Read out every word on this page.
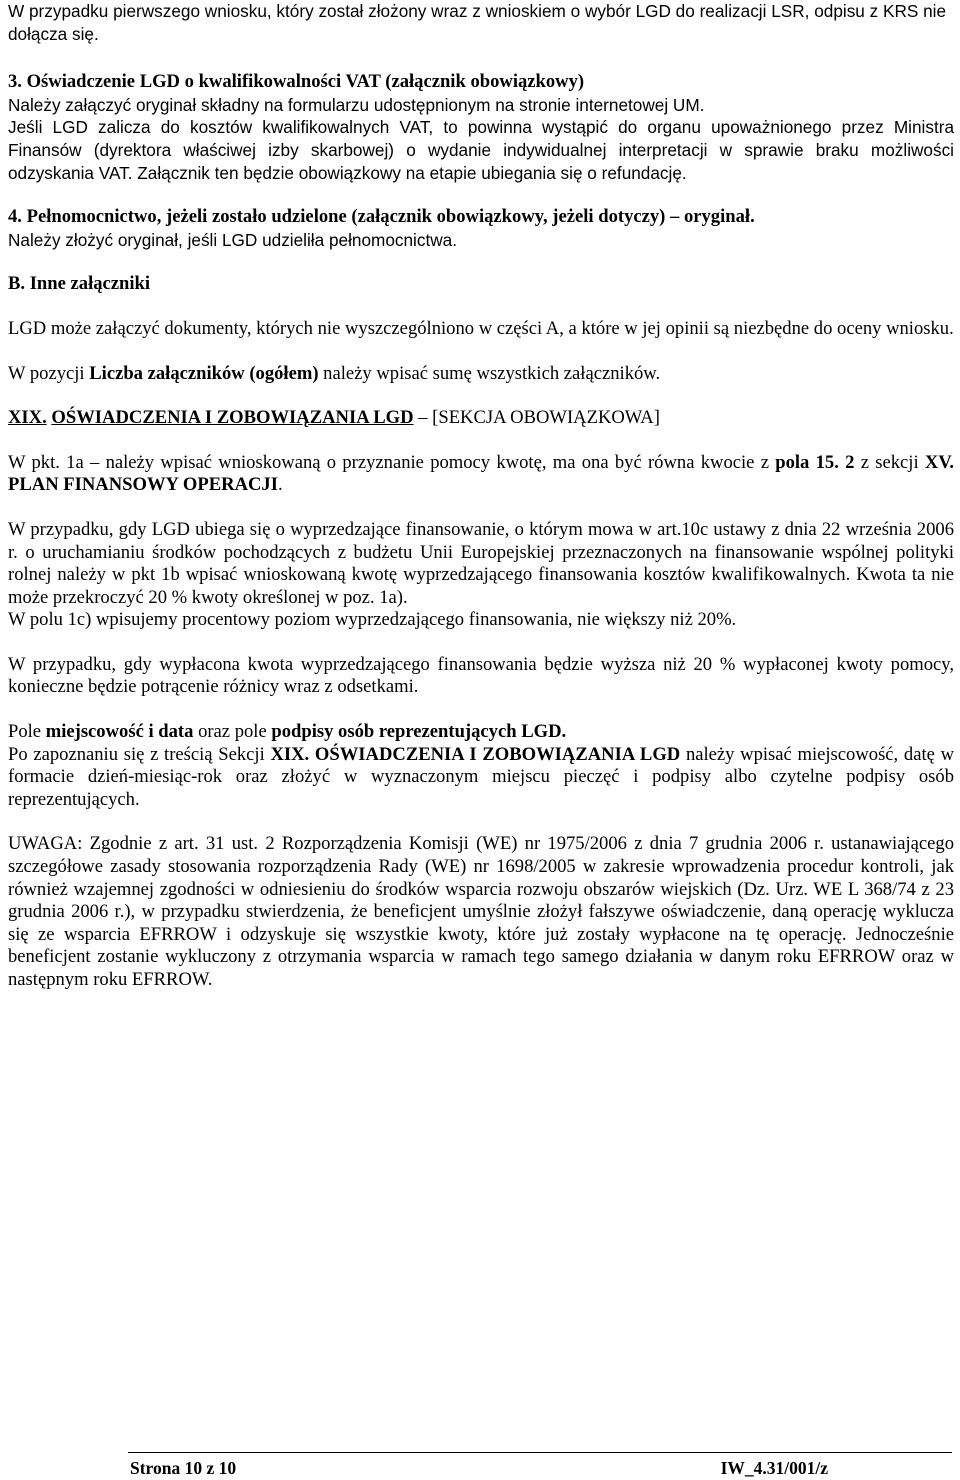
W przypadku pierwszego wniosku, który został złożony wraz z wnioskiem o wybór LGD do realizacji LSR, odpisu z KRS nie dołącza się.

3. Oświadczenie LGD o kwalifikowalności VAT (załącznik obowiązkowy)

Należy załączyć oryginał składny na formularzu udostępnionym na stronie internetowej UM.

Jeśli LGD zalicza do kosztów kwalifikowalnych VAT, to powinna wystąpić do organu upoważnionego przez Ministra Finansów (dyrektora właściwej izby skarbowej) o wydanie indywidualnej interpretacji w sprawie braku możliwości odzyskania VAT. Załącznik ten będzie obowiązkowy na etapie ubiegania się o refundację.

4. Pełnomocnictwo, jeżeli zostało udzielone (załącznik obowiązkowy, jeżeli dotyczy) – oryginał.

Należy złożyć oryginał, jeśli LGD udzieliła pełnomocnictwa.

B. Inne załączniki

LGD może załączyć dokumenty, których nie wyszczególniono w części A, a które w jej opinii są niezbędne do oceny wniosku.

W pozycji Liczba załączników (ogółem) należy wpisać sumę wszystkich załączników.

XIX. OŚWIADCZENIA I ZOBOWIĄZANIA LGD – [SEKCJA OBOWIĄZKOWA]

W pkt. 1a – należy wpisać wnioskowaną o przyznanie pomocy kwotę, ma ona być równa kwocie z pola 15. 2 z sekcji XV. PLAN FINANSOWY OPERACJI.

W przypadku, gdy LGD ubiega się o wyprzedzające finansowanie, o którym mowa w art.10c ustawy z dnia 22 września 2006 r. o uruchamianiu środków pochodzących z budżetu Unii Europejskiej przeznaczonych na finansowanie wspólnej polityki rolnej należy w pkt 1b wpisać wnioskowaną kwotę wyprzedzającego finansowania kosztów kwalifikowalnych. Kwota ta nie może przekroczyć 20 % kwoty określonej w poz. 1a).

W polu 1c) wpisujemy procentowy poziom wyprzedzającego finansowania, nie większy niż 20%.

W przypadku, gdy wypłacona kwota wyprzedzającego finansowania będzie wyższa niż 20 % wypłaconej kwoty pomocy, konieczne będzie potrącenie różnicy wraz z odsetkami.

Pole miejscowość i data oraz pole podpisy osób reprezentujących LGD.

Po zapoznaniu się z treścią Sekcji XIX. OŚWIADCZENIA I ZOBOWIĄZANIA LGD należy wpisać miejscowość, datę w formacie dzień-miesiąc-rok oraz złożyć w wyznaczonym miejscu pieczęć i podpisy albo czytelne podpisy osób reprezentujących.

UWAGA: Zgodnie z art. 31 ust. 2 Rozporządzenia Komisji (WE) nr 1975/2006 z dnia 7 grudnia 2006 r. ustanawiającego szczegółowe zasady stosowania rozporządzenia Rady (WE) nr 1698/2005 w zakresie wprowadzenia procedur kontroli, jak również wzajemnej zgodności w odniesieniu do środków wsparcia rozwoju obszarów wiejskich (Dz. Urz. WE L 368/74 z 23 grudnia 2006 r.), w przypadku stwierdzenia, że beneficjent umyślnie złożył fałszywe oświadczenie, daną operację wyklucza się ze wsparcia EFRROW i odzyskuje się wszystkie kwoty, które już zostały wypłacone na tę operację. Jednocześnie beneficjent zostanie wykluczony z otrzymania wsparcia w ramach tego samego działania w danym roku EFRROW oraz w następnym roku EFRROW.

Strona 10 z 10	IW_4.31/001/z
